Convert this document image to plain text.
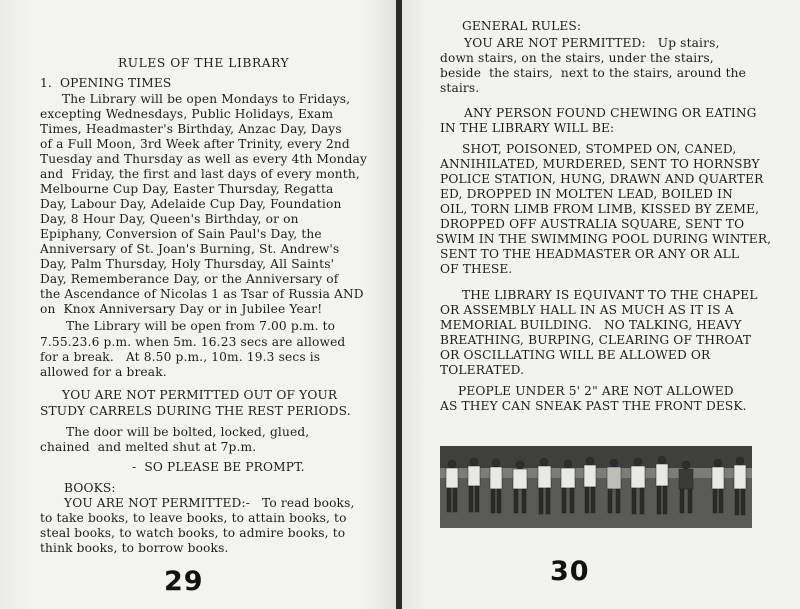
RULES OF THE LIBRARY
1.  OPENING TIMES
The Library will be open Mondays to Fridays,
excepting Wednesdays, Public Holidays, Exam
Times, Headmaster's Birthday, Anzac Day, Days
of a Full Moon, 3rd Week after Trinity, every 2nd
Tuesday and Thursday as well as every 4th Monday
and  Friday, the first and last days of every month,
Melbourne Cup Day, Easter Thursday, Regatta
Day, Labour Day, Adelaide Cup Day, Foundation
Day, 8 Hour Day, Queen's Birthday, or on
Epiphany, Conversion of Sain Paul's Day, the
Anniversary of St. Joan's Burning, St. Andrew's
Day, Palm Thursday, Holy Thursday, All Saints'
Day, Rememberance Day, or the Anniversary of
the Ascendance of Nicolas 1 as Tsar of Russia AND
on  Knox Anniversary Day or in Jubilee Year!
The Library will be open from 7.00 p.m. to
7.55.23.6 p.m. when 5m. 16.23 secs are allowed
for a break.   At 8.50 p.m., 10m. 19.3 secs is
allowed for a break.
YOU ARE NOT PERMITTED OUT OF YOUR
STUDY CARRELS DURING THE REST PERIODS.
The door will be bolted, locked, glued,
chained  and melted shut at 7p.m.
-  SO PLEASE BE PROMPT.
BOOKS:
YOU ARE NOT PERMITTED:-   To read books,
to take books, to leave books, to attain books, to
steal books, to watch books, to admire books, to
think books, to borrow books.
29
GENERAL RULES:
YOU ARE NOT PERMITTED:   Up stairs,
down stairs, on the stairs, under the stairs,
beside  the stairs,  next to the stairs, around the
stairs.
ANY PERSON FOUND CHEWING OR EATING
IN THE LIBRARY WILL BE:
SHOT, POISONED, STOMPED ON, CANED,
ANNIHILATED, MURDERED, SENT TO HORNSBY
POLICE STATION, HUNG, DRAWN AND QUARTER
ED, DROPPED IN MOLTEN LEAD, BOILED IN
OIL, TORN LIMB FROM LIMB, KISSED BY ZEME,
DROPPED OFF AUSTRALIA SQUARE, SENT TO
SWIM IN THE SWIMMING POOL DURING WINTER,
SENT TO THE HEADMASTER OR ANY OR ALL
OF THESE.
THE LIBRARY IS EQUIVANT TO THE CHAPEL
OR ASSEMBLY HALL IN AS MUCH AS IT IS A
MEMORIAL BUILDING.   NO TALKING, HEAVY
BREATHING, BURPING, CLEARING OF THROAT
OR OSCILLATING WILL BE ALLOWED OR
TOLERATED.
PEOPLE UNDER 5' 2" ARE NOT ALLOWED
AS THEY CAN SNEAK PAST THE FRONT DESK.
30
